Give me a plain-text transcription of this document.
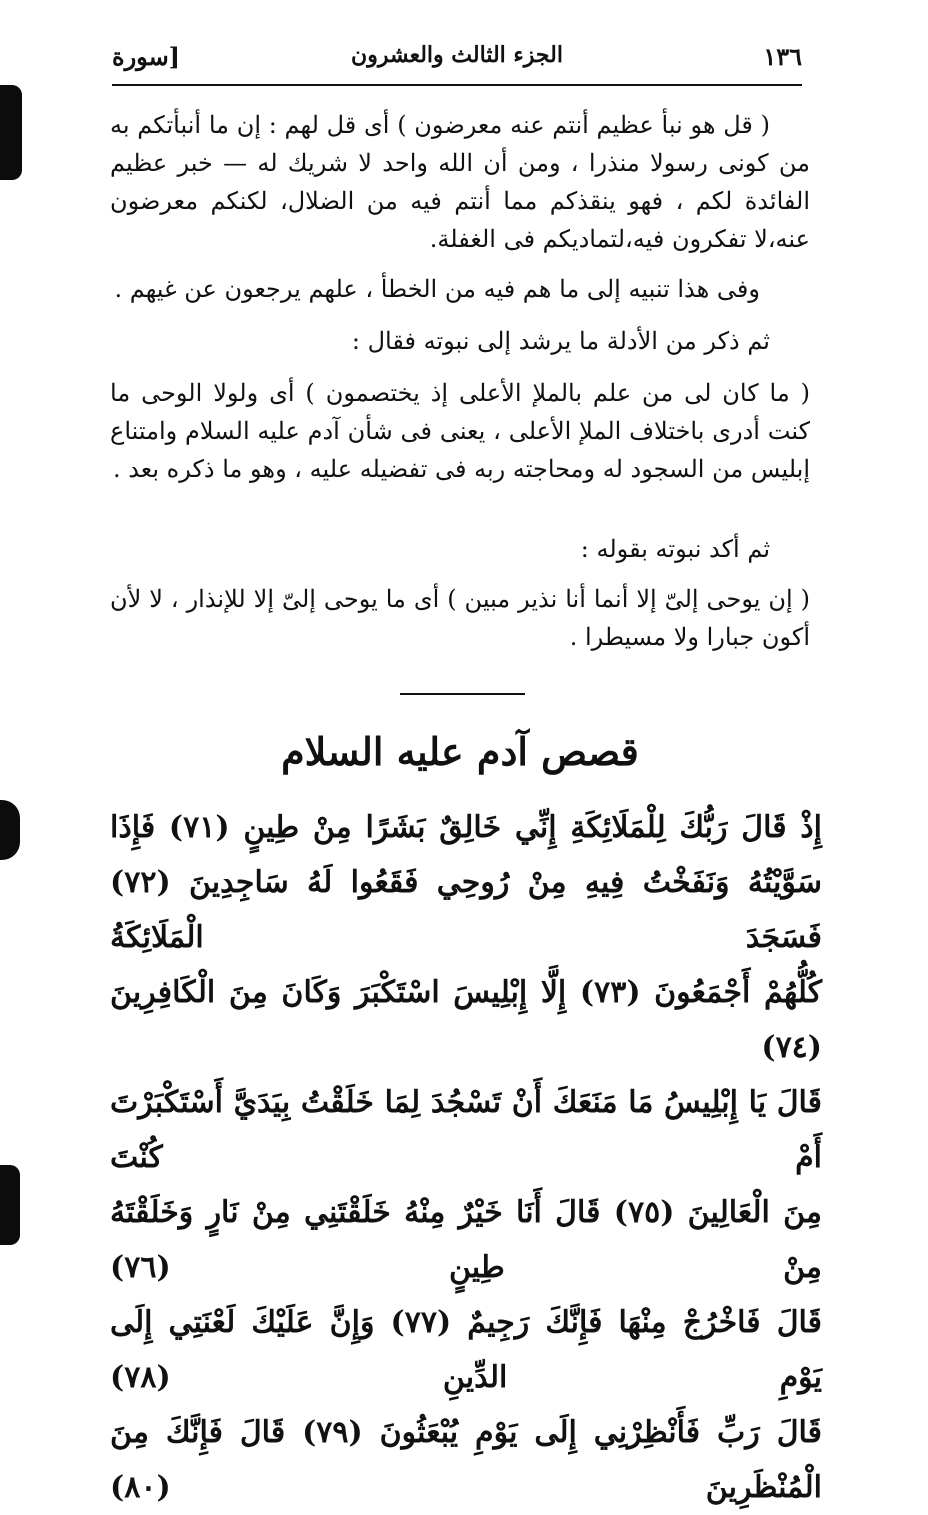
١٣٦
الجزء الثالث والعشرون
[سورة

( قل هو نبأ عظيم أنتم عنه معرضون ) أى قل لهم : إن ما أنبأتكم به من كونى رسولا منذرا ، ومن أن الله واحد لا شريك له — خبر عظيم الفائدة لكم ، فهو ينقذكم مما أنتم فيه من الضلال، لكنكم معرضون عنه،لا تفكرون فيه،لتماديكم فى الغفلة.

وفى هذا تنبيه إلى ما هم فيه من الخطأ ، علهم يرجعون عن غيهم .

ثم ذكر من الأدلة ما يرشد إلى نبوته فقال :

( ما كان لى من علم بالملإ الأعلى إذ يختصمون ) أى ولولا الوحى ما كنت أدرى باختلاف الملإ الأعلى ، يعنى فى شأن آدم عليه السلام وامتناع إبليس من السجود له ومحاجته ربه فى تفضيله عليه ، وهو ما ذكره بعد .

ثم أكد نبوته بقوله :

( إن يوحى إلىّ إلا أنما أنا نذير مبين ) أى ما يوحى إلىّ إلا للإنذار ، لا لأن أكون جبارا ولا مسيطرا .

قصص آدم عليه السلام

إِذْ قَالَ رَبُّكَ لِلْمَلَائِكَةِ إِنِّي خَالِقٌ بَشَرًا مِنْ طِينٍ (٧١) فَإِذَا

سَوَّيْتُهُ وَنَفَخْتُ فِيهِ مِنْ رُوحِي فَقَعُوا لَهُ سَاجِدِينَ (٧٢) فَسَجَدَ الْمَلَائِكَةُ

كُلُّهُمْ أَجْمَعُونَ (٧٣) إِلَّا إِبْلِيسَ اسْتَكْبَرَ وَكَانَ مِنَ الْكَافِرِينَ (٧٤)

قَالَ يَا إِبْلِيسُ مَا مَنَعَكَ أَنْ تَسْجُدَ لِمَا خَلَقْتُ بِيَدَيَّ أَسْتَكْبَرْتَ أَمْ كُنْتَ

مِنَ الْعَالِينَ (٧٥) قَالَ أَنَا خَيْرٌ مِنْهُ خَلَقْتَنِي مِنْ نَارٍ وَخَلَقْتَهُ مِنْ طِينٍ (٧٦)

قَالَ فَاخْرُجْ مِنْهَا فَإِنَّكَ رَجِيمٌ (٧٧) وَإِنَّ عَلَيْكَ لَعْنَتِي إِلَى يَوْمِ الدِّينِ (٧٨)

قَالَ رَبِّ فَأَنْظِرْنِي إِلَى يَوْمِ يُبْعَثُونَ (٧٩) قَالَ فَإِنَّكَ مِنَ الْمُنْظَرِينَ (٨٠)
